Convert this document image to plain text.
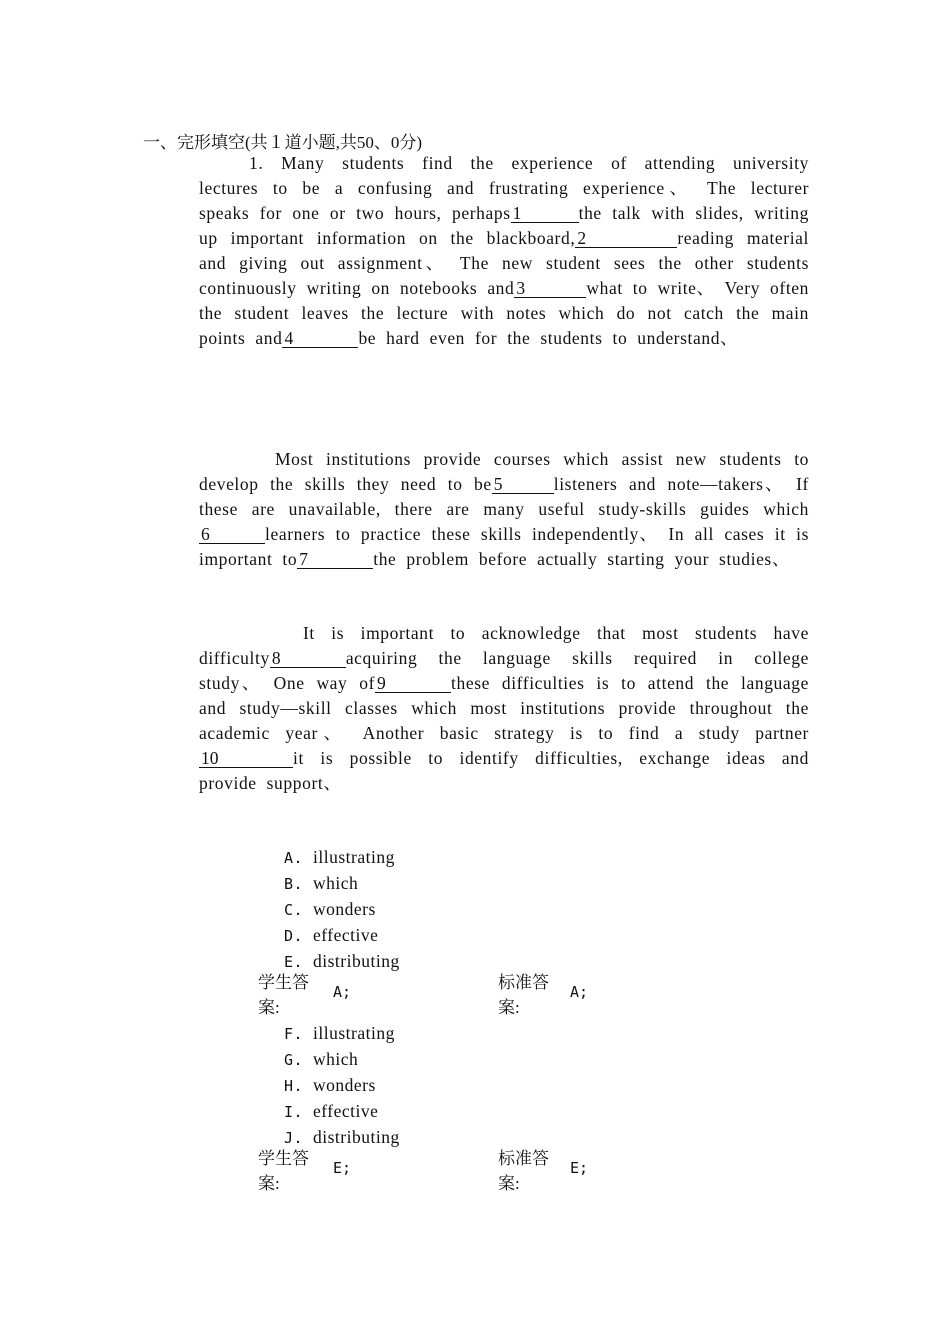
一、完形填空(共１道小题,共50、0分)
1. Many students find the experience of attending university lectures to be a confusing and frustrating experience、 The lecturer speaks for one or two hours, perhaps 1	the talk with slides, writing up important information on the blackboard, 2	reading material and giving out assignment、 The new student sees the other students continuously writing on notebooks and 3	what to write、 Very often the student leaves the lecture with notes which do not catch the main points and 4	be hard even for the students to understand、
Most institutions provide courses which assist new students to develop the skills they need to be 5	listeners and note—takers、 If these are unavailable, there are many useful study-skills guides which6	learners to practice these skills independently、 In all cases it is important to 7	the problem before actually starting your studies、
It is important to acknowledge that most students have difficulty 8	acquiring the language skills required in college study、 One way of 9	these difficulties is to attend the language and study—skill classes which most institutions provide throughout the academic year、 Another basic strategy is to find a study partner10	it is possible to identify difficulties, exchange ideas and provide support、
A. illustrating
B. which
C. wonders
D. effective
E. distributing
学生答案:
A;	标准答案:
A;
F. illustrating
G. which
H. wonders
I. effective
J. distributing
学生答案:
E;	标准答案:
E;
